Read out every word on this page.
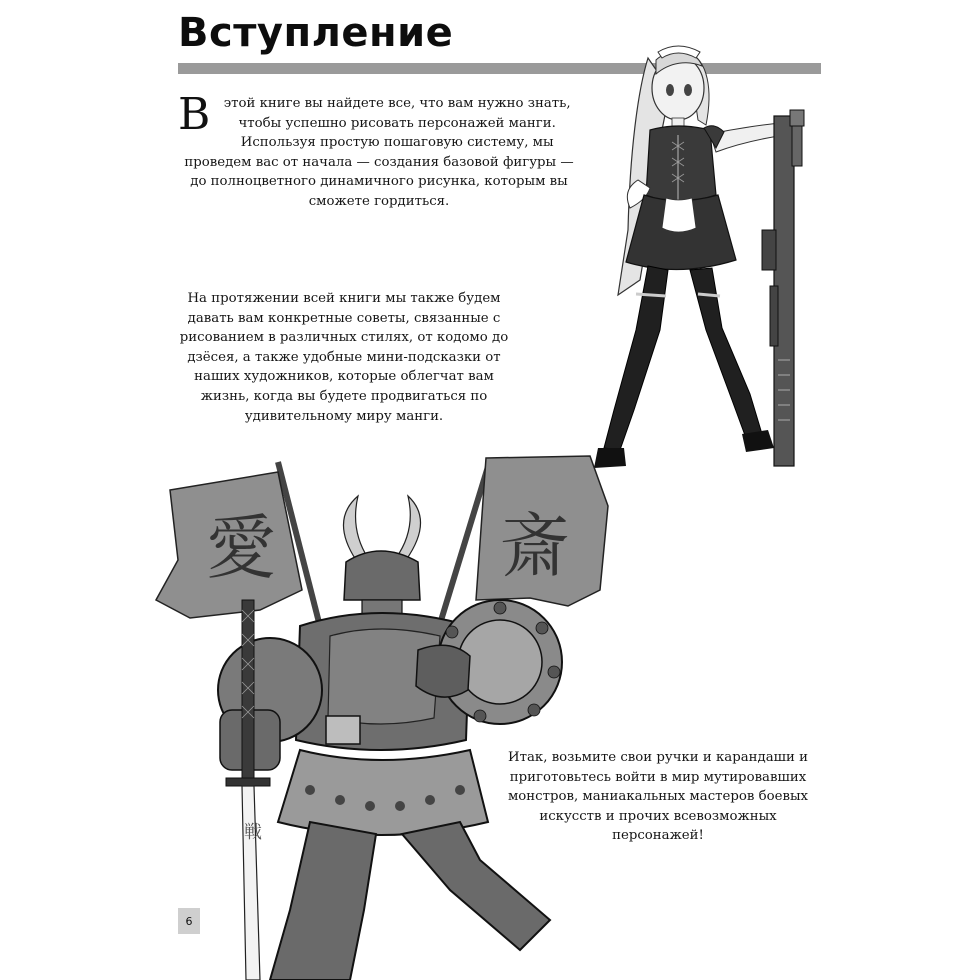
Вступление

В этой книге вы найдете все, что вам нужно знать, чтобы успешно рисовать персонажей манги. Используя простую пошаговую систему, мы проведем вас от начала — создания базовой фигуры — до полноцветного динамичного рисунка, которым вы сможете гордиться.

На протяжении всей книги мы также будем давать вам конкретные советы, связанные с рисованием в различных стилях, от кодомо до дзёсея, а также удобные мини-подсказки от наших художников, которые облегчат вам жизнь, когда вы будете продвигаться по удивительному миру манги.

Итак, возьмите свои ручки и карандаши и приготовьтесь войти в мир мутировавших монстров, маниакальных мастеров боевых искусств и прочих всевозможных персонажей!

愛	斎
戦
6
